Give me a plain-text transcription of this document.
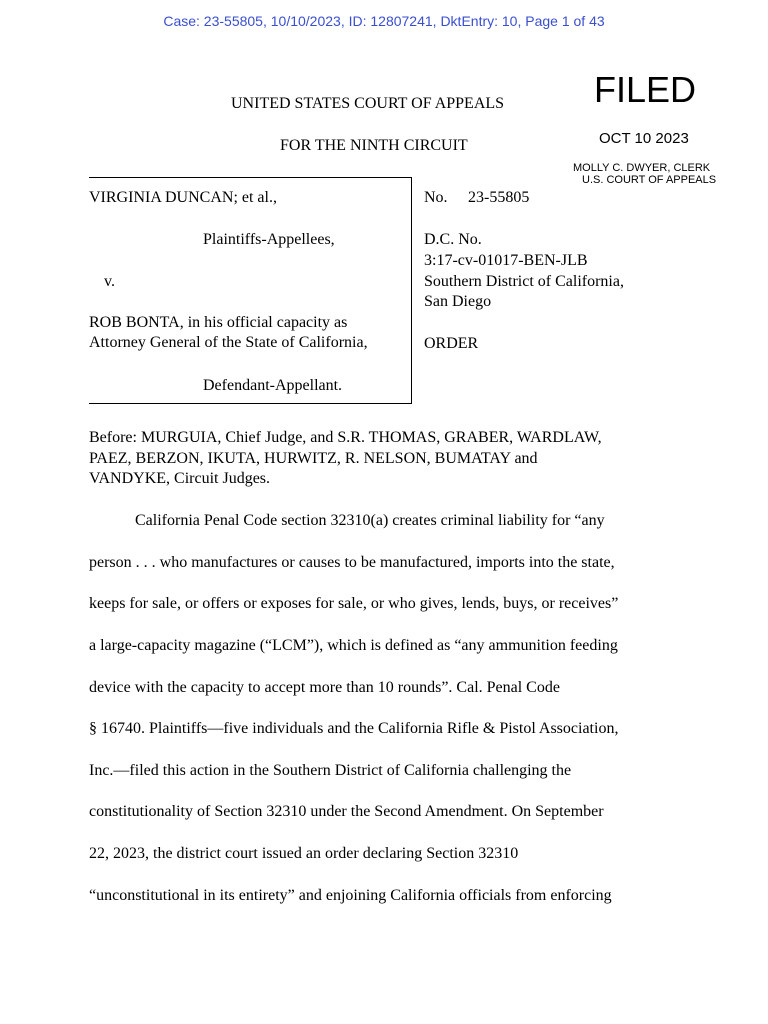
Case: 23-55805, 10/10/2023, ID: 12807241, DktEntry: 10, Page 1 of 43
UNITED STATES COURT OF APPEALS
FOR THE NINTH CIRCUIT
FILED
OCT 10 2023
MOLLY C. DWYER, CLERK
U.S. COURT OF APPEALS
VIRGINIA DUNCAN; et al.,
Plaintiffs-Appellees,
v.
ROB BONTA, in his official capacity as
Attorney General of the State of California,
Defendant-Appellant.
No. 23-55805
D.C. No.
3:17-cv-01017-BEN-JLB
Southern District of California,
San Diego
ORDER
Before: MURGUIA, Chief Judge, and S.R. THOMAS, GRABER, WARDLAW,
PAEZ, BERZON, IKUTA, HURWITZ, R. NELSON, BUMATAY and
VANDYKE, Circuit Judges.
California Penal Code section 32310(a) creates criminal liability for “any
person . . . who manufactures or causes to be manufactured, imports into the state,
keeps for sale, or offers or exposes for sale, or who gives, lends, buys, or receives”
a large-capacity magazine (“LCM”), which is defined as “any ammunition feeding
device with the capacity to accept more than 10 rounds”. Cal. Penal Code
§ 16740. Plaintiffs—five individuals and the California Rifle & Pistol Association,
Inc.—filed this action in the Southern District of California challenging the
constitutionality of Section 32310 under the Second Amendment. On September
22, 2023, the district court issued an order declaring Section 32310
“unconstitutional in its entirety” and enjoining California officials from enforcing
